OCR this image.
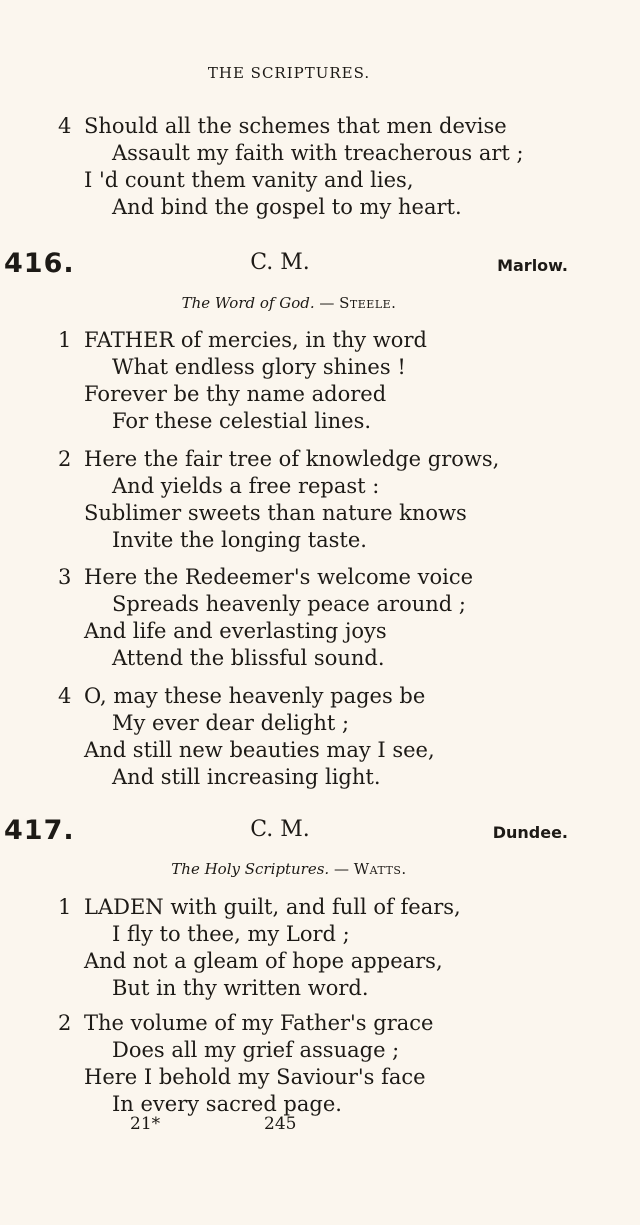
THE SCRIPTURES.
4 Should all the schemes that men devise
Assault my faith with treacherous art ;
I 'd count them vanity and lies,
And bind the gospel to my heart.
416.	C. M.	Marlow.
The Word of God. — Steele.
1 FATHER of mercies, in thy word
What endless glory shines !
Forever be thy name adored
For these celestial lines.
2 Here the fair tree of knowledge grows,
And yields a free repast :
Sublimer sweets than nature knows
Invite the longing taste.
3 Here the Redeemer's welcome voice
Spreads heavenly peace around ;
And life and everlasting joys
Attend the blissful sound.
4 O, may these heavenly pages be
My ever dear delight ;
And still new beauties may I see,
And still increasing light.
417.	C. M.	Dundee.
The Holy Scriptures. — Watts.
1 LADEN with guilt, and full of fears,
I fly to thee, my Lord ;
And not a gleam of hope appears,
But in thy written word.
2 The volume of my Father's grace
Does all my grief assuage ;
Here I behold my Saviour's face
In every sacred page.
21*	245
